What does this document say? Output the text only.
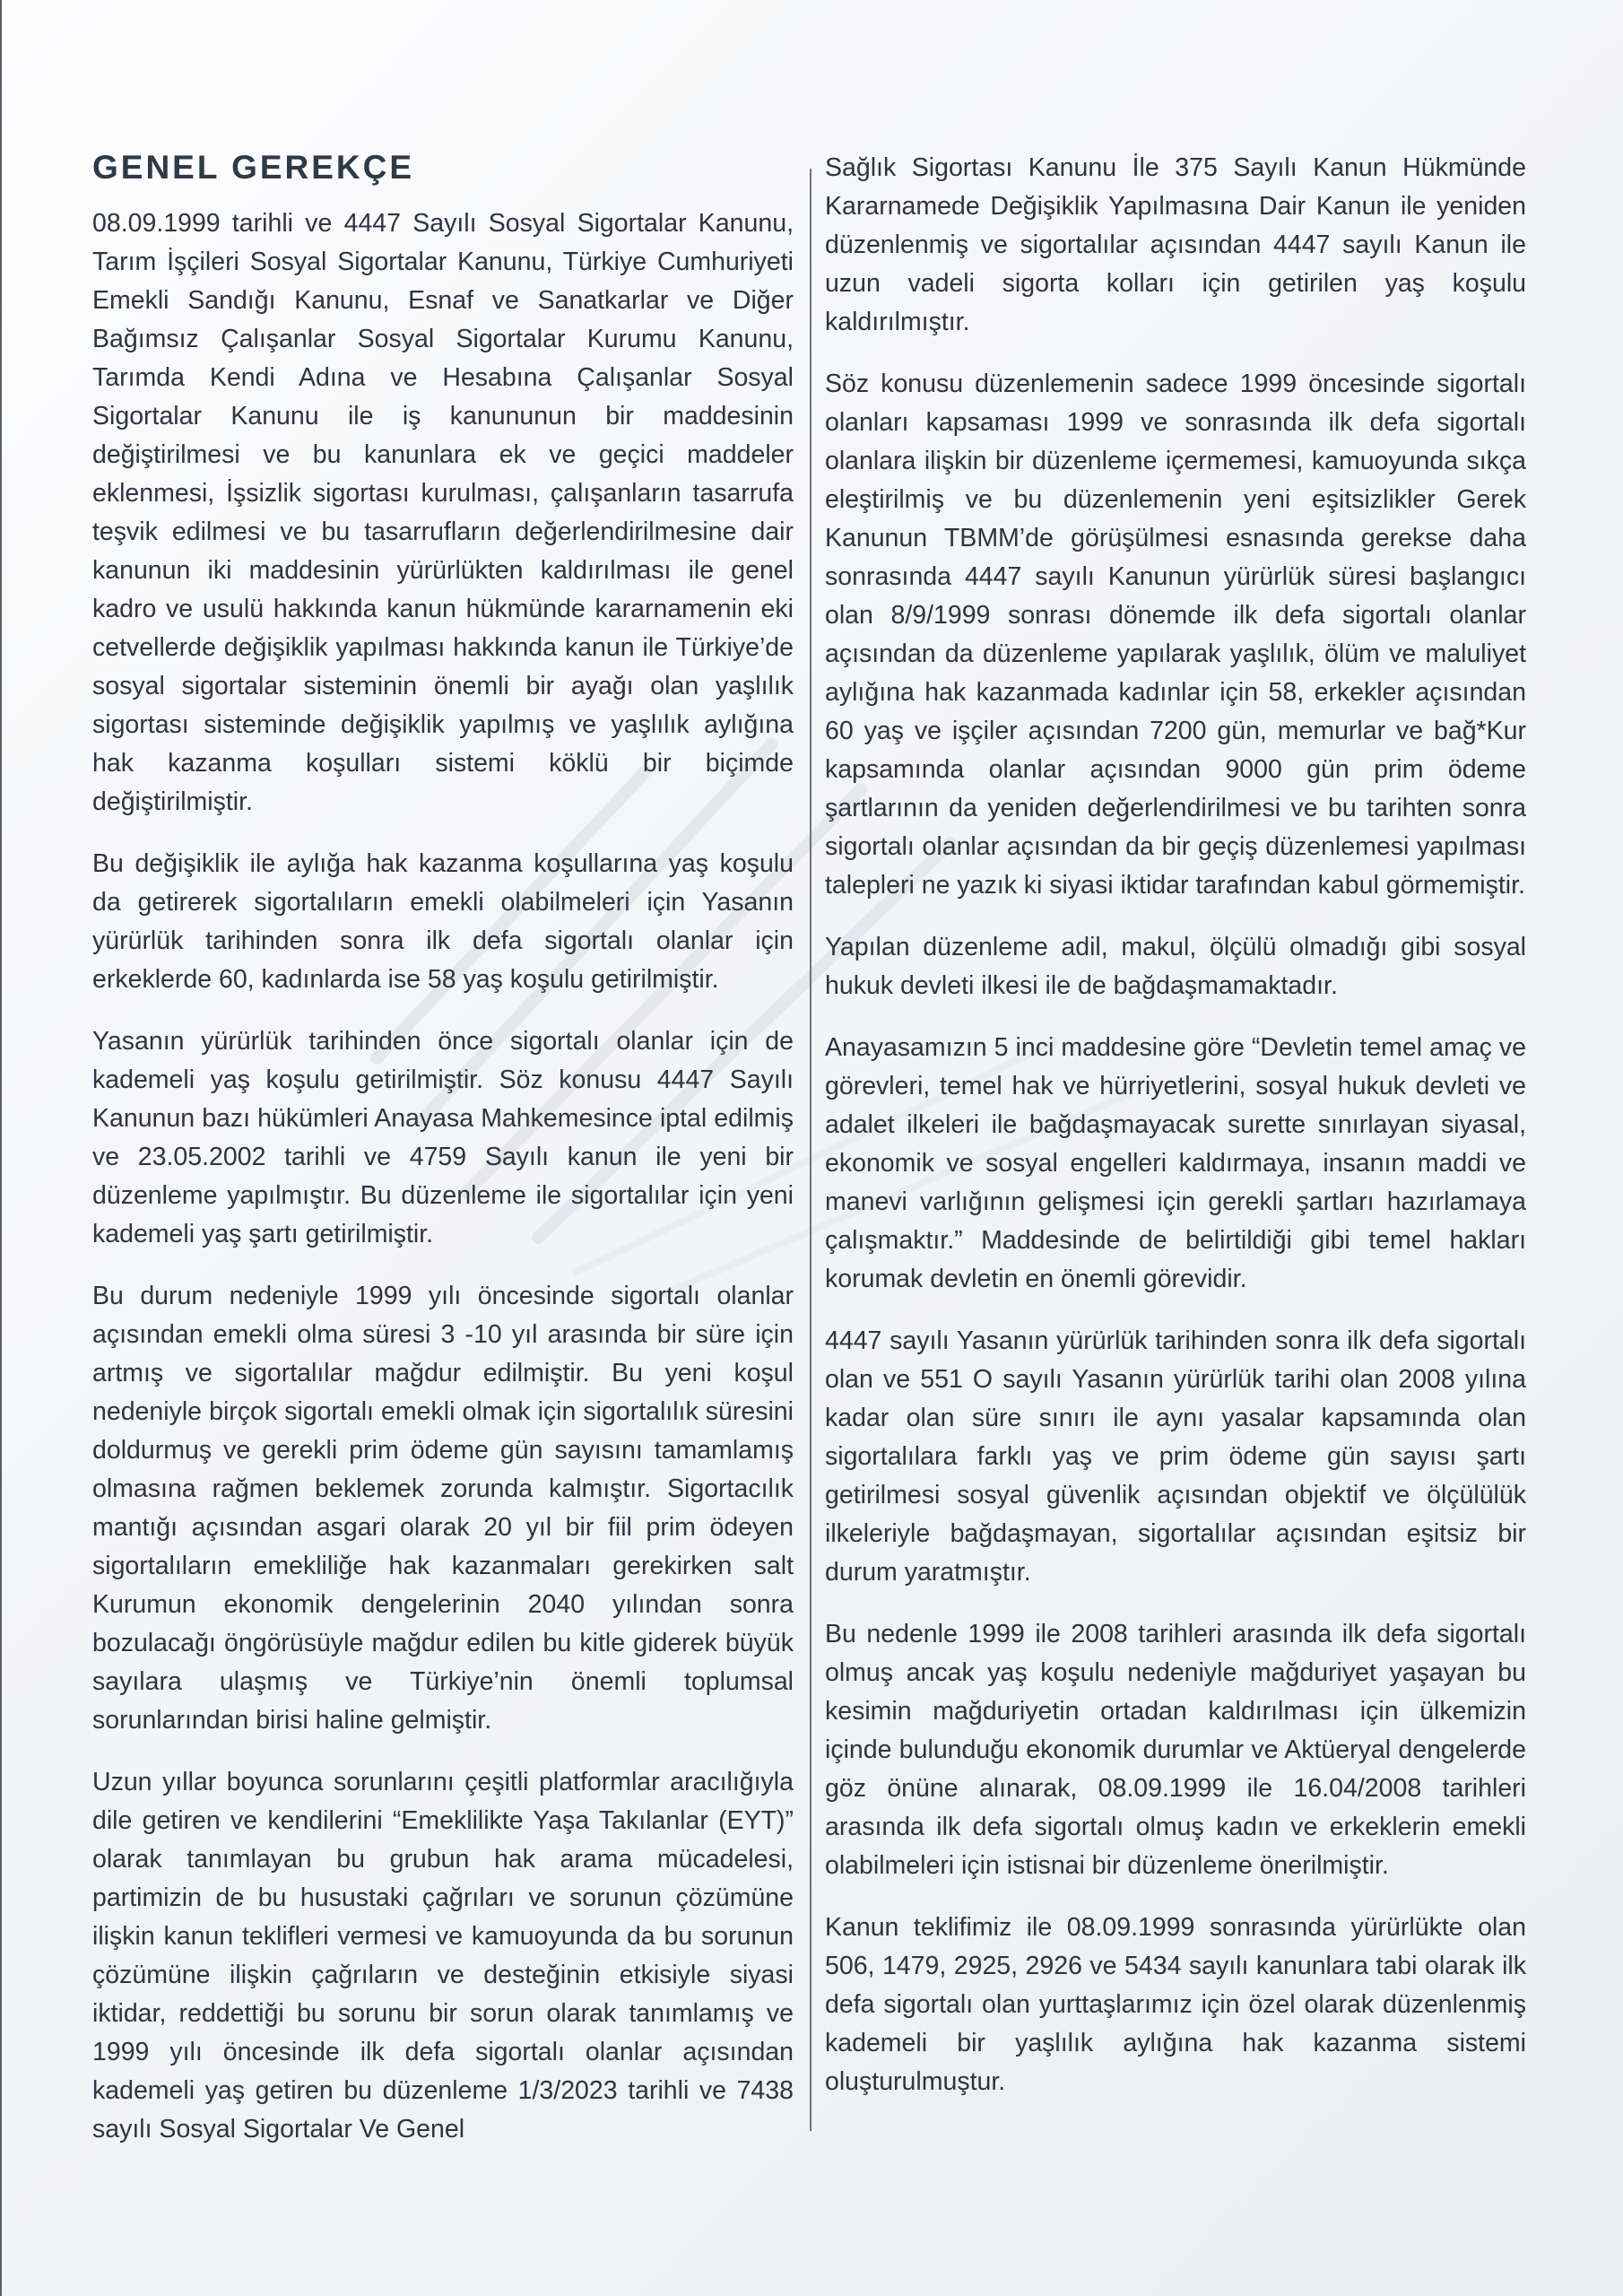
GENEL GEREKÇE

08.09.1999 tarihli ve 4447 Sayılı Sosyal Sigortalar Kanunu, Tarım İşçileri Sosyal Sigortalar Kanunu, Türkiye Cumhuriyeti Emekli Sandığı Kanunu, Esnaf ve Sanatkarlar ve Diğer Bağımsız Çalışanlar Sosyal Sigortalar Kurumu Kanunu, Tarımda Kendi Adına ve Hesabına Çalışanlar Sosyal Sigortalar Kanunu ile iş kanununun bir maddesinin değiştirilmesi ve bu kanunlara ek ve geçici maddeler eklenmesi, İşsizlik sigortası kurulması, çalışanların tasarrufa teşvik edilmesi ve bu tasarrufların değerlendirilmesine dair kanunun iki maddesinin yürürlükten kaldırılması ile genel kadro ve usulü hakkında kanun hükmünde kararnamenin eki cetvellerde değişiklik yapılması hakkında kanun ile Türkiye’de sosyal sigortalar sisteminin önemli bir ayağı olan yaşlılık sigortası sisteminde değişiklik yapılmış ve yaşlılık aylığına hak kazanma koşulları sistemi köklü bir biçimde değiştirilmiştir.

Bu değişiklik ile aylığa hak kazanma koşullarına yaş koşulu da getirerek sigortalıların emekli olabilmeleri için Yasanın yürürlük tarihinden sonra ilk defa sigortalı olanlar için erkeklerde 60, kadınlarda ise 58 yaş koşulu getirilmiştir.

Yasanın yürürlük tarihinden önce sigortalı olanlar için de kademeli yaş koşulu getirilmiştir. Söz konusu 4447 Sayılı Kanunun bazı hükümleri Anayasa Mahkemesince iptal edilmiş ve 23.05.2002 tarihli ve 4759 Sayılı kanun ile yeni bir düzenleme yapılmıştır. Bu düzenleme ile sigortalılar için yeni kademeli yaş şartı getirilmiştir.

Bu durum nedeniyle 1999 yılı öncesinde sigortalı olanlar açısından emekli olma süresi 3 -10 yıl arasında bir süre için artmış ve sigortalılar mağdur edilmiştir. Bu yeni koşul nedeniyle birçok sigortalı emekli olmak için sigortalılık süresini doldurmuş ve gerekli prim ödeme gün sayısını tamamlamış olmasına rağmen beklemek zorunda kalmıştır. Sigortacılık mantığı açısından asgari olarak 20 yıl bir fiil prim ödeyen sigortalıların emekliliğe hak kazanmaları gerekirken salt Kurumun ekonomik dengelerinin 2040 yılından sonra bozulacağı öngörüsüyle mağdur edilen bu kitle giderek büyük sayılara ulaşmış ve Türkiye’nin önemli toplumsal sorunlarından birisi haline gelmiştir.

Uzun yıllar boyunca sorunlarını çeşitli platformlar aracılığıyla dile getiren ve kendilerini “Emeklilikte Yaşa Takılanlar (EYT)” olarak tanımlayan bu grubun hak arama mücadelesi, partimizin de bu husustaki çağrıları ve sorunun çözümüne ilişkin kanun teklifleri vermesi ve kamuoyunda da bu sorunun çözümüne ilişkin çağrıların ve desteğinin etkisiyle siyasi iktidar, reddettiği bu sorunu bir sorun olarak tanımlamış ve 1999 yılı öncesinde ilk defa sigortalı olanlar açısından kademeli yaş getiren bu düzenleme 1/3/2023 tarihli ve 7438 sayılı Sosyal Sigortalar Ve Genel

Sağlık Sigortası Kanunu İle 375 Sayılı Kanun Hükmünde Kararnamede Değişiklik Yapılmasına Dair Kanun ile yeniden düzenlenmiş ve sigortalılar açısından 4447 sayılı Kanun ile uzun vadeli sigorta kolları için getirilen yaş koşulu kaldırılmıştır.

Söz konusu düzenlemenin sadece 1999 öncesinde sigortalı olanları kapsaması 1999 ve sonrasında ilk defa sigortalı olanlara ilişkin bir düzenleme içermemesi, kamuoyunda sıkça eleştirilmiş ve bu düzenlemenin yeni eşitsizlikler Gerek Kanunun TBMM’de görüşülmesi esnasında gerekse daha sonrasında 4447 sayılı Kanunun yürürlük süresi başlangıcı olan 8/9/1999 sonrası dönemde ilk defa sigortalı olanlar açısından da düzenleme yapılarak yaşlılık, ölüm ve maluliyet aylığına hak kazanmada kadınlar için 58, erkekler açısından 60 yaş ve işçiler açısından 7200 gün, memurlar ve bağ*Kur kapsamında olanlar açısından 9000 gün prim ödeme şartlarının da yeniden değerlendirilmesi ve bu tarihten sonra sigortalı olanlar açısından da bir geçiş düzenlemesi yapılması talepleri ne yazık ki siyasi iktidar tarafından kabul görmemiştir.

Yapılan düzenleme adil, makul, ölçülü olmadığı gibi sosyal hukuk devleti ilkesi ile de bağdaşmamaktadır.

Anayasamızın 5 inci maddesine göre “Devletin temel amaç ve görevleri, temel hak ve hürriyetlerini, sosyal hukuk devleti ve adalet ilkeleri ile bağdaşmayacak surette sınırlayan siyasal, ekonomik ve sosyal engelleri kaldırmaya, insanın maddi ve manevi varlığının gelişmesi için gerekli şartları hazırlamaya çalışmaktır.” Maddesinde de belirtildiği gibi temel hakları korumak devletin en önemli görevidir.

4447 sayılı Yasanın yürürlük tarihinden sonra ilk defa sigortalı olan ve 551 O sayılı Yasanın yürürlük tarihi olan 2008 yılına kadar olan süre sınırı ile aynı yasalar kapsamında olan sigortalılara farklı yaş ve prim ödeme gün sayısı şartı getirilmesi sosyal güvenlik açısından objektif ve ölçülülük ilkeleriyle bağdaşmayan, sigortalılar açısından eşitsiz bir durum yaratmıştır.

Bu nedenle 1999 ile 2008 tarihleri arasında ilk defa sigortalı olmuş ancak yaş koşulu nedeniyle mağduriyet yaşayan bu kesimin mağduriyetin ortadan kaldırılması için ülkemizin içinde bulunduğu ekonomik durumlar ve Aktüeryal dengelerde göz önüne alınarak, 08.09.1999 ile 16.04/2008 tarihleri arasında ilk defa sigortalı olmuş kadın ve erkeklerin emekli olabilmeleri için istisnai bir düzenleme önerilmiştir.

Kanun teklifimiz ile 08.09.1999 sonrasında yürürlükte olan 506, 1479, 2925, 2926 ve 5434 sayılı kanunlara tabi olarak ilk defa sigortalı olan yurttaşlarımız için özel olarak düzenlenmiş kademeli bir yaşlılık aylığına hak kazanma sistemi oluşturulmuştur.
